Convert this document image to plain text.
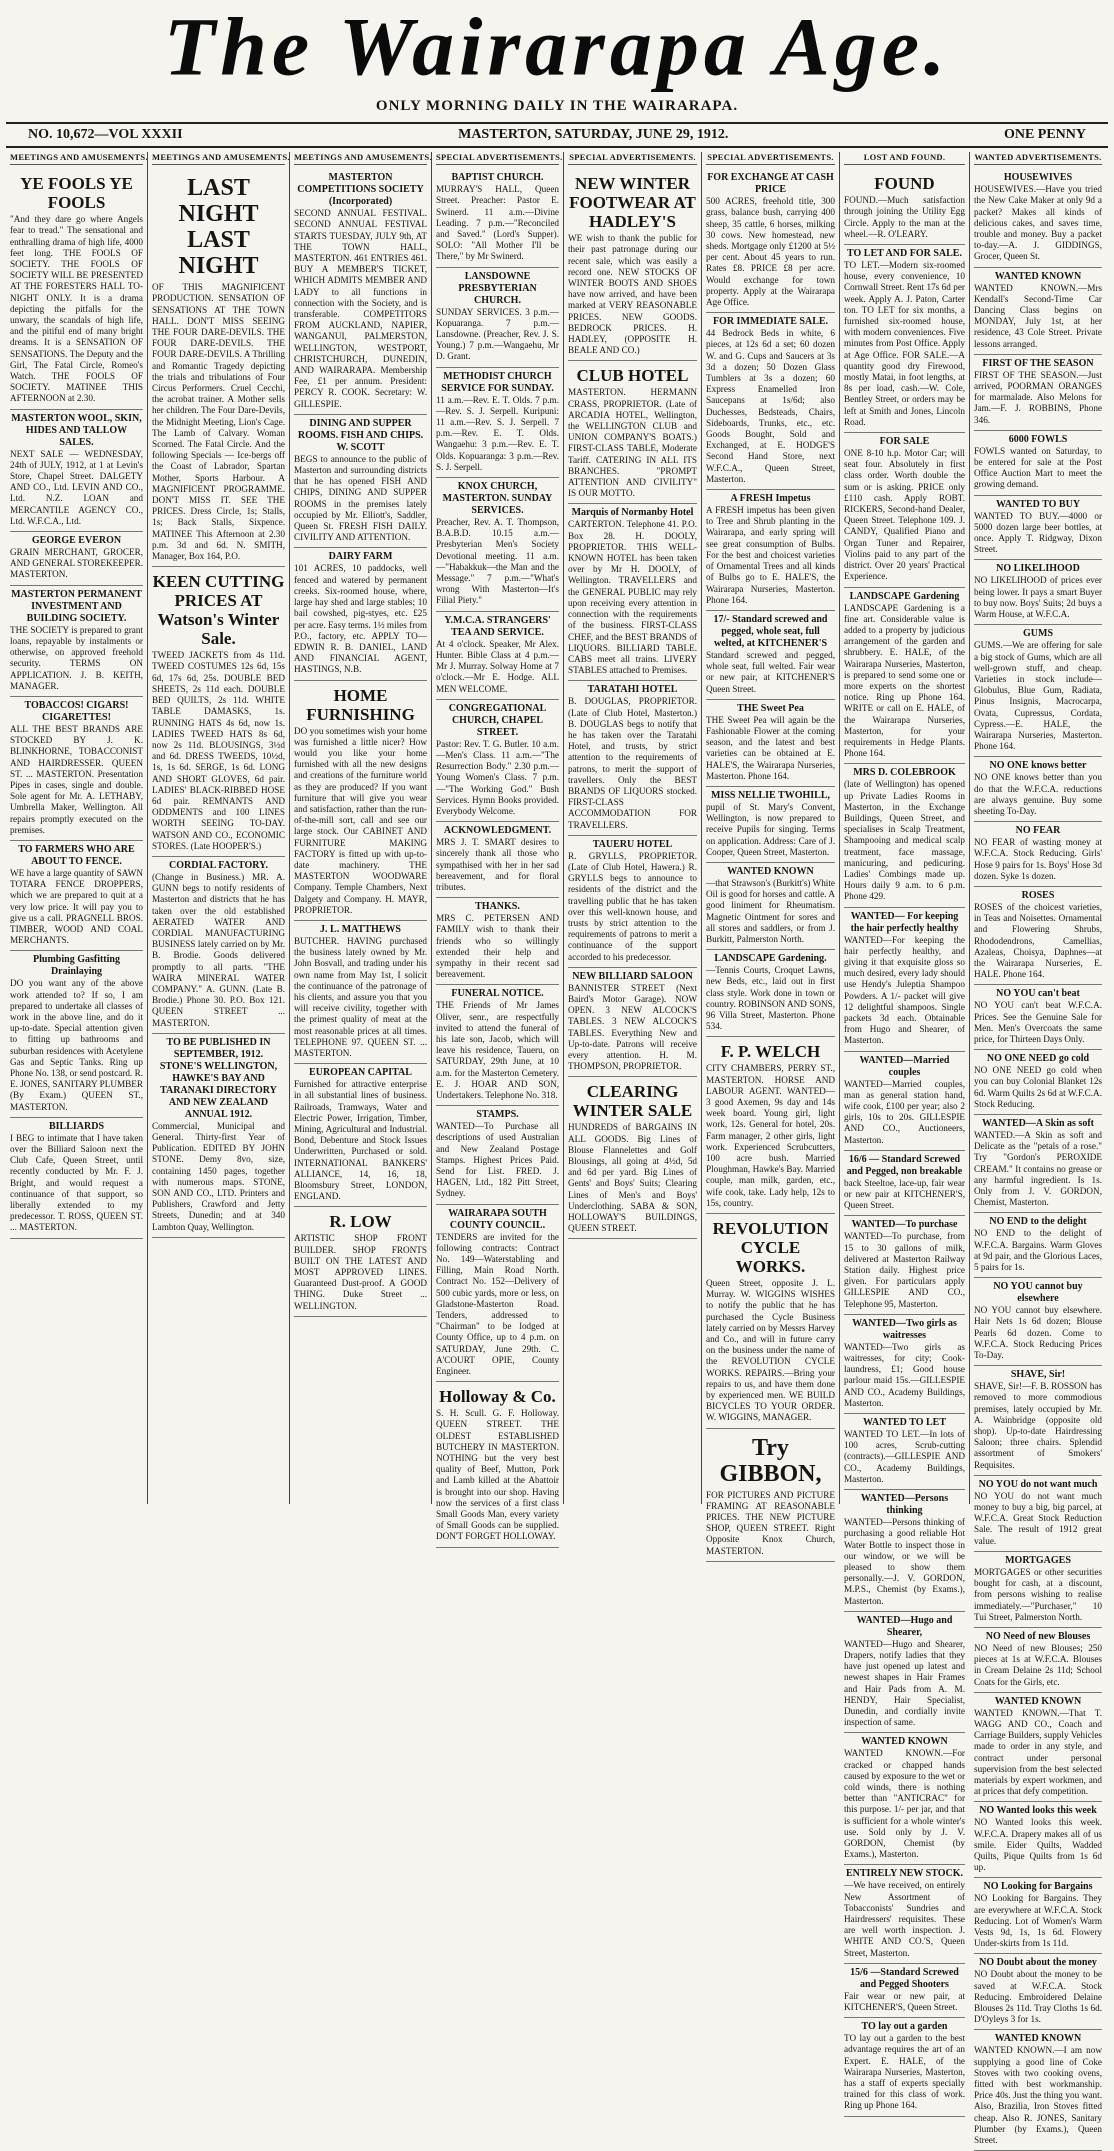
The Wairarapa Age.
ONLY MORNING DAILY IN THE WAIRARAPA.
NO. 10,672—VOL XXXII	MASTERTON, SATURDAY, JUNE 29, 1912.	ONE PENNY
MEETINGS AND AMUSEMENTS.
YE FOOLS YE FOOLS
"And they dare go where Angels fear to tread." The sensational and enthralling drama of high life, 4000 feet long. THE FOOLS OF SOCIETY. THE FOOLS OF SOCIETY WILL BE PRESENTED AT THE FORESTERS HALL TO-NIGHT ONLY. It is a drama depicting the pitfalls for the unwary, the scandals of high life, and the pitiful end of many bright dreams. It is a SENSATION OF SENSATIONS. The Deputy and the Girl, The Fatal Circle, Romeo's Watch. THE FOOLS OF SOCIETY. MATINEE THIS AFTERNOON at 2.30.
MASTERTON WOOL, SKIN, HIDES AND TALLOW SALES.
NEXT SALE — WEDNESDAY, 24th of JULY, 1912, at 1 at Levin's Store, Chapel Street. DALGETY AND CO., Ltd. LEVIN AND CO., Ltd. N.Z. LOAN and MERCANTILE AGENCY CO., Ltd. W.F.C.A., Ltd.
GEORGE EVERON
GRAIN MERCHANT, GROCER, AND GENERAL STOREKEEPER. MASTERTON.
MASTERTON PERMANENT INVESTMENT AND BUILDING SOCIETY.
THE SOCIETY is prepared to grant loans, repayable by instalments or otherwise, on approved freehold security. TERMS ON APPLICATION. J. B. KEITH, MANAGER.
TOBACCOS! CIGARS! CIGARETTES!
ALL THE BEST BRANDS ARE STOCKED BY J. K. BLINKHORNE, TOBACCONIST AND HAIRDRESSER. QUEEN ST. ... MASTERTON. Presentation Pipes in cases, single and double. Sole agent for Mr. A. LETHABY, Umbrella Maker, Wellington. All repairs promptly executed on the premises.
TO FARMERS WHO ARE ABOUT TO FENCE.
WE have a large quantity of SAWN TOTARA FENCE DROPPERS, which we are prepared to quit at a very low price. It will pay you to give us a call. PRAGNELL BROS. TIMBER, WOOD AND COAL MERCHANTS.
Plumbing Gasfitting Drainlaying
DO you want any of the above work attended to? If so, I am prepared to undertake all classes of work in the above line, and do it up-to-date. Special attention given to fitting up bathrooms and suburban residences with Acetylene Gas and Septic Tanks. Ring up Phone No. 138, or send postcard. R. E. JONES, SANITARY PLUMBER (By Exam.) QUEEN ST., MASTERTON.
BILLIARDS
I BEG to intimate that I have taken over the Billiard Saloon next the Club Cafe, Queen Street, until recently conducted by Mr. F. J. Bright, and would request a continuance of that support, so liberally extended to my predecessor. T. ROSS, QUEEN ST. ... MASTERTON.
MEETINGS AND AMUSEMENTS.
LAST NIGHT LAST NIGHT
OF THIS MAGNIFICENT PRODUCTION. SENSATION OF SENSATIONS AT THE TOWN HALL. DON'T MISS SEEING THE FOUR DARE-DEVILS. THE FOUR DARE-DEVILS. THE FOUR DARE-DEVILS. A Thrilling and Romantic Tragedy depicting the trials and tribulations of Four Circus Performers. Cruel Cecchi, the acrobat trainer. A Mother sells her children. The Four Dare-Devils, the Midnight Meeting, Lion's Cage. The Lamb of Calvary. Woman Scorned. The Fatal Circle. And the following Specials — Ice-bergs off the Coast of Labrador, Spartan Mother, Sports Harbour. A MAGNIFICENT PROGRAMME. DON'T MISS IT. SEE THE PRICES. Dress Circle, 1s; Stalls, 1s; Back Stalls, Sixpence. MATINEE This Afternoon at 2.30 p.m. 3d and 6d. N. SMITH, Manager, Box 164, P.O.
KEEN CUTTING PRICES AT Watson's Winter Sale.
TWEED JACKETS from 4s 11d. TWEED COSTUMES 12s 6d, 15s 6d, 17s 6d, 25s. DOUBLE BED SHEETS, 2s 11d each. DOUBLE BED QUILTS, 2s 11d. WHITE TABLE DAMASKS, 1s. RUNNING HATS 4s 6d, now 1s. LADIES TWEED HATS 8s 6d, now 2s 11d. BLOUSINGS, 3½d and 6d. DRESS TWEEDS, 10½d, 1s, 1s 6d. SERGE, 1s 6d. LONG AND SHORT GLOVES, 6d pair. LADIES' BLACK-RIBBED HOSE 6d pair. REMNANTS AND ODDMENTS and 100 LINES WORTH SEEING TO-DAY. WATSON AND CO., ECONOMIC STORES. (Late HOOPER'S.)
CORDIAL FACTORY.
(Change in Business.) MR. A. GUNN begs to notify residents of Masterton and districts that he has taken over the old established AERATED WATER AND CORDIAL MANUFACTURING BUSINESS lately carried on by Mr. B. Brodie. Goods delivered promptly to all parts. "THE WAIRA MINERAL WATER COMPANY." A. GUNN. (Late B. Brodie.) Phone 30. P.O. Box 121. QUEEN STREET ... MASTERTON.
TO BE PUBLISHED IN SEPTEMBER, 1912. STONE'S WELLINGTON, HAWKE'S BAY AND TARANAKI DIRECTORY AND NEW ZEALAND ANNUAL 1912.
Commercial, Municipal and General. Thirty-first Year of Publication. EDITED BY JOHN STONE. Demy 8vo, size, containing 1450 pages, together with numerous maps. STONE, SON AND CO., LTD. Printers and Publishers, Crawford and Jetty Streets, Dunedin; and at 340 Lambton Quay, Wellington.
MEETINGS AND AMUSEMENTS.
MASTERTON COMPETITIONS SOCIETY (Incorporated)
SECOND ANNUAL FESTIVAL. SECOND ANNUAL FESTIVAL STARTS TUESDAY, JULY 9th, AT THE TOWN HALL, MASTERTON. 461 ENTRIES 461. BUY A MEMBER'S TICKET, WHICH ADMITS MEMBER AND LADY to all functions in connection with the Society, and is transferable. COMPETITORS FROM AUCKLAND, NAPIER, WANGANUI, PALMERSTON, WELLINGTON, WESTPORT, CHRISTCHURCH, DUNEDIN, AND WAIRARAPA. Membership Fee, £1 per annum. President: PERCY R. COOK. Secretary: W. GILLESPIE.
DINING AND SUPPER ROOMS. FISH AND CHIPS. W. SCOTT
BEGS to announce to the public of Masterton and surrounding districts that he has opened FISH AND CHIPS, DINING AND SUPPER ROOMS in the premises lately occupied by Mr. Elliott's, Saddler, Queen St. FRESH FISH DAILY. CIVILITY AND ATTENTION.
DAIRY FARM
101 ACRES, 10 paddocks, well fenced and watered by permanent creeks. Six-roomed house, where, large hay shed and large stables; 10 bail cowshed, pig-styes, etc. £25 per acre. Easy terms. 1½ miles from P.O., factory, etc. APPLY TO— EDWIN R. B. DANIEL, LAND AND FINANCIAL AGENT, HASTINGS, N.B.
HOME FURNISHING
DO you sometimes wish your home was furnished a little nicer? How would you like your home furnished with all the new designs and creations of the furniture world as they are produced? If you want furniture that will give you wear and satisfaction, rather than the run-of-the-mill sort, call and see our large stock. Our CABINET AND FURNITURE MAKING FACTORY is fitted up with up-to-date machinery. THE MASTERTON WOODWARE Company. Temple Chambers, Next Dalgety and Company. H. MAYR, PROPRIETOR.
J. L. MATTHEWS
BUTCHER. HAVING purchased the business lately owned by Mr. John Bosvall, and trading under his own name from May 1st, I solicit the continuance of the patronage of his clients, and assure you that you will receive civility, together with the primest quality of meat at the most reasonable prices at all times. TELEPHONE 97. QUEEN ST. ... MASTERTON.
EUROPEAN CAPITAL
Furnished for attractive enterprise in all substantial lines of business. Railroads, Tramways, Water and Electric Power, Irrigation, Timber, Mining, Agricultural and Industrial. Bond, Debenture and Stock Issues Underwritten, Purchased or sold. INTERNATIONAL BANKERS' ALLIANCE, 14, 16, 18, Bloomsbury Street, LONDON, ENGLAND.
R. LOW
ARTISTIC SHOP FRONT BUILDER. SHOP FRONTS BUILT ON THE LATEST AND MOST APPROVED LINES. Guaranteed Dust-proof. A GOOD THING. Duke Street ... WELLINGTON.
SPECIAL ADVERTISEMENTS.
BAPTIST CHURCH.
MURRAY'S HALL, Queen Street. Preacher: Pastor E. Swinerd. 11 a.m.—Divine Leading. 7 p.m.—"Reconciled and Saved." (Lord's Supper). SOLO: "All Mother I'll be There," by Mr Swinerd.
LANSDOWNE PRESBYTERIAN CHURCH.
SUNDAY SERVICES. 3 p.m.—Kopuaranga. 7 p.m.—Lansdowne. (Preacher, Rev. J. S. Young.) 7 p.m.—Wangaehu, Mr D. Grant.
METHODIST CHURCH SERVICE FOR SUNDAY.
11 a.m.—Rev. E. T. Olds. 7 p.m.—Rev. S. J. Serpell. Kuripuni: 11 a.m.—Rev. S. J. Serpell. 7 p.m.—Rev. E. T. Olds. Wangaehu: 3 p.m.—Rev. E. T. Olds. Kopuaranga: 3 p.m.—Rev. S. J. Serpell.
KNOX CHURCH, MASTERTON. SUNDAY SERVICES.
Preacher, Rev. A. T. Thompson, B.A.B.D. 10.15 a.m.—Presbyterian Men's Society Devotional meeting. 11 a.m.—"Habakkuk—the Man and the Message." 7 p.m.—"What's wrong With Masterton—It's Filial Piety."
Y.M.C.A. STRANGERS' TEA AND SERVICE.
At 4 o'clock. Speaker, Mr Alex. Hunter. Bible Class at 4 p.m.—Mr J. Murray. Solway Home at 7 o'clock.—Mr E. Hodge. ALL MEN WELCOME.
CONGREGATIONAL CHURCH, CHAPEL STREET.
Pastor: Rev. T. G. Butler. 10 a.m.—Men's Class. 11 a.m.—"The Resurrection Body." 2.30 p.m.—Young Women's Class. 7 p.m.—"The Working God." Bush Services. Hymn Books provided. Everybody Welcome.
ACKNOWLEDGMENT.
MRS J. T. SMART desires to sincerely thank all those who sympathised with her in her sad bereavement, and for floral tributes.
THANKS.
MRS C. PETERSEN AND FAMILY wish to thank their friends who so willingly extended their help and sympathy in their recent sad bereavement.
FUNERAL NOTICE.
THE Friends of Mr James Oliver, senr., are respectfully invited to attend the funeral of his late son, Jacob, which will leave his residence, Taueru, on SATURDAY, 29th June, at 10 a.m. for the Masterton Cemetery. E. J. HOAR AND SON, Undertakers. Telephone No. 318.
STAMPS.
WANTED—To Purchase all descriptions of used Australian and New Zealand Postage Stamps. Highest Prices Paid. Send for List. FRED. J. HAGEN, Ltd., 182 Pitt Street, Sydney.
WAIRARAPA SOUTH COUNTY COUNCIL.
TENDERS are invited for the following contracts: Contract No. 149—Waterstabling and Filling, Main Road North. Contract No. 152—Delivery of 500 cubic yards, more or less, on Gladstone-Masterton Road. Tenders, addressed to "Chairman" to be lodged at County Office, up to 4 p.m. on SATURDAY, June 29th. C. A'COURT OPIE, County Engineer.
Holloway & Co.
S. H. Scull. G. F. Holloway. QUEEN STREET. THE OLDEST ESTABLISHED BUTCHERY IN MASTERTON. NOTHING but the very best quality of Beef, Mutton, Pork and Lamb killed at the Abattoir is brought into our shop. Having now the services of a first class Small Goods Man, every variety of Small Goods can be supplied. DON'T FORGET HOLLOWAY.
SPECIAL ADVERTISEMENTS.
NEW WINTER FOOTWEAR AT HADLEY'S
WE wish to thank the public for their past patronage during our recent sale, which was easily a record one. NEW STOCKS OF WINTER BOOTS AND SHOES have now arrived, and have been marked at VERY REASONABLE PRICES. NEW GOODS. BEDROCK PRICES. H. HADLEY, (OPPOSITE H. BEALE AND CO.)
CLUB HOTEL
MASTERTON. HERMANN CRASS, PROPRIETOR. (Late of ARCADIA HOTEL, Wellington, the WELLINGTON CLUB and UNION COMPANY'S BOATS.) FIRST-CLASS TABLE, Moderate Tariff. CATERING IN ALL ITS BRANCHES. "PROMPT ATTENTION AND CIVILITY" IS OUR MOTTO.
Marquis of Normanby Hotel
CARTERTON. Telephone 41. P.O. Box 28. H. DOOLY, PROPRIETOR. THIS WELL-KNOWN HOTEL has been taken over by Mr H. DOOLY, of Wellington. TRAVELLERS and the GENERAL PUBLIC may rely upon receiving every attention in connection with the requirements of the business. FIRST-CLASS CHEF, and the BEST BRANDS of LIQUORS. BILLIARD TABLE. CABS meet all trains. LIVERY STABLES attached to Premises.
TARATAHI HOTEL
B. DOUGLAS, PROPRIETOR. (Late of Club Hotel, Masterton.) B. DOUGLAS begs to notify that he has taken over the Taratahi Hotel, and trusts, by strict attention to the requirements of patrons, to merit the support of travellers. Only the BEST BRANDS OF LIQUORS stocked. FIRST-CLASS ACCOMMODATION FOR TRAVELLERS.
TAUERU HOTEL
R. GRYLLS, PROPRIETOR. (Late of Club Hotel, Hawera.) R. GRYLLS begs to announce to residents of the district and the travelling public that he has taken over this well-known house, and trusts by strict attention to the requirements of patrons to merit a continuance of the support accorded to his predecessor.
NEW BILLIARD SALOON
BANNISTER STREET (Next Baird's Motor Garage). NOW OPEN. 3 NEW ALCOCK'S TABLES. 3 NEW ALCOCK'S TABLES. Everything New and Up-to-date. Patrons will receive every attention. H. M. THOMPSON, PROPRIETOR.
CLEARING WINTER SALE
HUNDREDS of BARGAINS IN ALL GOODS. Big Lines of Blouse Flannelettes and Golf Blousings, all going at 4½d, 5d and 6d per yard. Big Lines of Gents' and Boys' Suits; Clearing Lines of Men's and Boys' Underclothing. SABA & SON, HOLLOWAY'S BUILDINGS, QUEEN STREET.
SPECIAL ADVERTISEMENTS.
FOR EXCHANGE AT CASH PRICE
500 ACRES, freehold title, 300 grass, balance bush, carrying 400 sheep, 35 cattle, 6 horses, milking 30 cows. New homestead, new sheds. Mortgage only £1200 at 5½ per cent. About 45 years to run. Rates £8. PRICE £8 per acre. Would exchange for town property. Apply at the Wairarapa Age Office.
FOR IMMEDIATE SALE.
44 Bedrock Beds in white, 6 pieces, at 12s 6d a set; 60 dozen W. and G. Cups and Saucers at 3s 3d a dozen; 50 Dozen Glass Tumblers at 3s a dozen; 60 Express Enamelled Iron Saucepans at 1s/6d; also Duchesses, Bedsteads, Chairs, Sideboards, Trunks, etc., etc. Goods Bought, Sold and Exchanged, at E. HODGE'S Second Hand Store, next W.F.C.A., Queen Street, Masterton.
A FRESH Impetus
A FRESH impetus has been given to Tree and Shrub planting in the Wairarapa, and early spring will see great consumption of Bulbs. For the best and choicest varieties of Ornamental Trees and all kinds of Bulbs go to E. HALE'S, the Wairarapa Nurseries, Masterton. Phone 164.
17/- Standard screwed and pegged, whole seat, full welted, at KITCHENER'S
Standard screwed and pegged, whole seat, full welted. Fair wear or new pair, at KITCHENER'S Queen Street.
THE Sweet Pea
THE Sweet Pea will again be the Fashionable Flower at the coming season, and the latest and best varieties can be obtained at E. HALE'S, the Wairarapa Nurseries, Masterton. Phone 164.
MISS NELLIE TWOHILL,
pupil of St. Mary's Convent, Wellington, is now prepared to receive Pupils for singing. Terms on application. Address: Care of J. Cooper, Queen Street, Masterton.
WANTED KNOWN
—that Strawson's (Burkitt's) White Oil is good for horses and cattle. A good liniment for Rheumatism. Magnetic Ointment for sores and all stores and saddlers, or from J. Burkitt, Palmerston North.
LANDSCAPE Gardening.
—Tennis Courts, Croquet Lawns, new Beds, etc., laid out in first class style. Work done in town or country. ROBINSON AND SONS, 96 Villa Street, Masterton. Phone 534.
F. P. WELCH
CITY CHAMBERS, PERRY ST., MASTERTON. HORSE AND LABOUR AGENT. WANTED— 3 good Axemen, 9s day and 14s week board. Young girl, light work, 12s. General for hotel, 20s. Farm manager, 2 other girls, light work. Experienced Scrubcutters, 100 acre bush. Married Ploughman, Hawke's Bay. Married couple, man milk, garden, etc., wife cook, take. Lady help, 12s to 15s, country.
REVOLUTION CYCLE WORKS.
Queen Street, opposite J. L. Murray. W. WIGGINS WISHES to notify the public that he has purchased the Cycle Business lately carried on by Messrs Harvey and Co., and will in future carry on the business under the name of the REVOLUTION CYCLE WORKS. REPAIRS.—Bring your repairs to us, and have them done by experienced men. WE BUILD BICYCLES TO YOUR ORDER. W. WIGGINS, MANAGER.
Try GIBBON,
FOR PICTURES AND PICTURE FRAMING AT REASONABLE PRICES. THE NEW PICTURE SHOP, QUEEN STREET. Right Opposite Knox Church, MASTERTON.
LOST AND FOUND.
FOUND
FOUND.—Much satisfaction through joining the Utility Egg Circle. Apply to the man at the wheel.—R. O'LEARY.
TO LET AND FOR SALE.
TO LET.—Modern six-roomed house, every convenience, 10 Cornwall Street. Rent 17s 6d per week. Apply A. J. Paton, Carter ton. TO LET for six months, a furnished six-roomed house, with modern conveniences. Five minutes from Post Office. Apply at Age Office. FOR SALE.—A quantity good dry Firewood, mostly Matai, in foot lengths, at 8s per load, cash.—W. Cole, Bentley Street, or orders may be left at Smith and Jones, Lincoln Road.
FOR SALE
ONE 8-10 h.p. Motor Car; will seat four. Absolutely in first class order. Worth double the sum or is asking. PRICE only £110 cash. Apply ROBT. RICKERS, Second-hand Dealer, Queen Street. Telephone 109. J. CANDY, Qualified Piano and Organ Tuner and Repairer, Violins paid to any part of the district. Over 20 years' Practical Experience.
LANDSCAPE Gardening
LANDSCAPE Gardening is a fine art. Considerable value is added to a property by judicious arrangement of the garden and shrubbery. E. HALE, of the Wairarapa Nurseries, Masterton, is prepared to send some one or more experts on the shortest notice. Ring up Phone 164. WRITE or call on E. HALE, of the Wairarapa Nurseries, Masterton, for your requirements in Hedge Plants. Phone 164.
MRS D. COLEBROOK
(late of Wellington) has opened up Private Ladies Rooms in Masterton, in the Exchange Buildings, Queen Street, and specialises in Scalp Treatment, Shampooing and medical scalp treatment, face massage, manicuring, and pedicuring. Ladies' Combings made up. Hours daily 9 a.m. to 6 p.m. Phone 429.
WANTED— For keeping the hair perfectly healthy
WANTED—For keeping the hair perfectly healthy, and giving it that exquisite gloss so much desired, every lady should use Hendy's Juleptia Shampoo Powders. A 1/- packet will give 12 delightful shampoos. Single packets 3d each. Obtainable from Hugo and Shearer, of Masterton.
WANTED—Married couples
WANTED—Married couples, man as general station hand, wife cook, £100 per year; also 2 girls, 10s to 20s. GILLESPIE AND CO., Auctioneers, Masterton.
16/6 — Standard Screwed and Pegged, non breakable
back Steeltoe, lace-up, fair wear or new pair at KITCHENER'S, Queen Street.
WANTED—To purchase
WANTED—To purchase, from 15 to 30 gallons of milk, delivered at Masterton Railway Station daily. Highest price given. For particulars apply GILLESPIE AND CO., Telephone 95, Masterton.
WANTED—Two girls as waitresses
WANTED—Two girls as waitresses, for city; Cook-laundress, £1; Good house parlour maid 15s.—GILLESPIE AND CO., Academy Buildings, Masterton.
WANTED TO LET
WANTED TO LET.—In lots of 100 acres, Scrub-cutting (contracts).—GILLESPIE AND CO., Academy Buildings, Masterton.
WANTED—Persons thinking
WANTED—Persons thinking of purchasing a good reliable Hot Water Bottle to inspect those in our window, or we will be pleased to show them personally.—J. V. GORDON, M.P.S., Chemist (by Exams.), Masterton.
WANTED—Hugo and Shearer,
WANTED—Hugo and Shearer, Drapers, notify ladies that they have just opened up latest and newest shapes in Hair Frames and Hair Pads from A. M. HENDY, Hair Specialist, Dunedin, and cordially invite inspection of same.
WANTED KNOWN
WANTED KNOWN.—For cracked or chapped hands caused by exposure to the wet or cold winds, there is nothing better than "ANTICRAC" for this purpose. 1/- per jar, and that is sufficient for a whole winter's use. Sold only by J. V. GORDON, Chemist (by Exams.), Masterton.
ENTIRELY NEW STOCK.
—We have received, on entirely New Assortment of Tobacconists' Sundries and Hairdressers' requisites. These are well worth inspection. J. WHITE AND CO.'S, Queen Street, Masterton.
15/6 —Standard Screwed and Pegged Shooters
Fair wear or new pair, at KITCHENER'S, Queen Street.
TO lay out a garden
TO lay out a garden to the best advantage requires the art of an Expert. E. HALE, of the Wairarapa Nurseries, Masterton, has a staff of experts specially trained for this class of work. Ring up Phone 164.
WANTED ADVERTISEMENTS.
HOUSEWIVES
HOUSEWIVES.—Have you tried the New Cake Maker at only 9d a packet? Makes all kinds of delicious cakes, and saves time, trouble and money. Buy a packet to-day.—A. J. GIDDINGS, Grocer, Queen St.
WANTED KNOWN
WANTED KNOWN.—Mrs Kendall's Second-Time Car Dancing Class begins on MONDAY, July 1st, at her residence, 43 Cole Street. Private lessons arranged.
FIRST OF THE SEASON
FIRST OF THE SEASON.—Just arrived, POORMAN ORANGES for marmalade. Also Melons for Jam.—F. J. ROBBINS, Phone 346.
6000 FOWLS
FOWLS wanted on Saturday, to be entered for sale at the Post Office Auction Mart to meet the growing demand.
WANTED TO BUY
WANTED TO BUY.—4000 or 5000 dozen large beer bottles, at once. Apply T. Ridgway, Dixon Street.
NO LIKELIHOOD
NO LIKELIHOOD of prices ever being lower. It pays a smart Buyer to buy now. Boys' Suits; 2d buys a Warm House, at W.F.C.A.
GUMS
GUMS.—We are offering for sale a big stock of Gums, which are all well-grown stuff, and cheap. Varieties in stock include—Globulus, Blue Gum, Radiata, Pinus Insignis, Macrocarpa, Ovata, Cupressus, Cordata, Cypress.—E. HALE, the Wairarapa Nurseries, Masterton. Phone 164.
NO ONE knows better
NO ONE knows better than you do that the W.F.C.A. reductions are always genuine. Buy some sheeting To-Day.
NO FEAR
NO FEAR of wasting money at W.F.C.A. Stock Reducing. Girls' Hose 9 pairs for 1s. Boys' Hose 3d dozen. Syke 1s dozen.
ROSES
ROSES of the choicest varieties, in Teas and Noisettes. Ornamental and Flowering Shrubs, Rhododendrons, Camellias, Azaleas, Choisya, Daphnes—at the Wairarapa Nurseries, E. HALE. Phone 164.
NO YOU can't beat
NO YOU can't beat W.F.C.A. Prices. See the Genuine Sale for Men. Men's Overcoats the same price, for Thirteen Days Only.
NO ONE NEED go cold
NO ONE NEED go cold when you can buy Colonial Blanket 12s 6d. Warm Quilts 2s 6d at W.F.C.A. Stock Reducing.
WANTED—A Skin as soft
WANTED.—A Skin as soft and Delicate as the "petals of a rose." Try "Gordon's PEROXIDE CREAM." It contains no grease or any harmful ingredient. Is 1s. Only from J. V. GORDON, Chemist, Masterton.
NO END to the delight
NO END to the delight of W.F.C.A. Bargains. Warm Gloves at 9d pair, and the Glorious Laces, 5 pairs for 1s.
NO YOU cannot buy elsewhere
NO YOU cannot buy elsewhere. Hair Nets 1s 6d dozen; Blouse Pearls 6d dozen. Come to W.F.C.A. Stock Reducing Prices To-Day.
SHAVE, Sir!
SHAVE, Sir!—F. B. ROSSON has removed to more commodious premises, lately occupied by Mr. A. Wainbridge (opposite old shop). Up-to-date Hairdressing Saloon; three chairs. Splendid assortment of Smokers' Requisites.
NO YOU do not want much
NO YOU do not want much money to buy a big, big parcel, at W.F.C.A. Great Stock Reduction Sale. The result of 1912 great value.
MORTGAGES
MORTGAGES or other securities bought for cash, at a discount, from persons wishing to realise immediately.—"Purchaser," 10 Tui Street, Palmerston North.
NO Need of new Blouses
NO Need of new Blouses; 250 pieces at 1s at W.F.C.A. Blouses in Cream Delaine 2s 11d; School Coats for the Girls, etc.
WANTED KNOWN
WANTED KNOWN.—That T. WAGG AND CO., Coach and Carriage Builders, supply Vehicles made to order in any style, and contract under personal supervision from the best selected materials by expert workmen, and at prices that defy competition.
NO Wanted looks this week
NO Wanted looks this week. W.F.C.A. Drapery makes all of us smile. Eider Quilts, Wadded Quilts, Pique Quilts from 1s 6d up.
NO Looking for Bargains
NO Looking for Bargains. They are everywhere at W.F.C.A. Stock Reducing. Lot of Women's Warm Vests 9d, 1s, 1s 6d. Flowery Under-skirts from 1s 11d.
NO Doubt about the money
NO Doubt about the money to be saved at W.F.C.A. Stock Reducing. Embroidered Delaine Blouses 2s 11d. Tray Cloths 1s 6d. D'Oyleys 3 for 1s.
WANTED KNOWN
WANTED KNOWN.—I am now supplying a good line of Coke Stoves with two cooking ovens, fitted with best workmanship. Price 40s. Just the thing you want. Also, Brazilia, Iron Stoves fitted cheap. Also R. JONES, Sanitary Plumber (by Exams.), Queen Street.
